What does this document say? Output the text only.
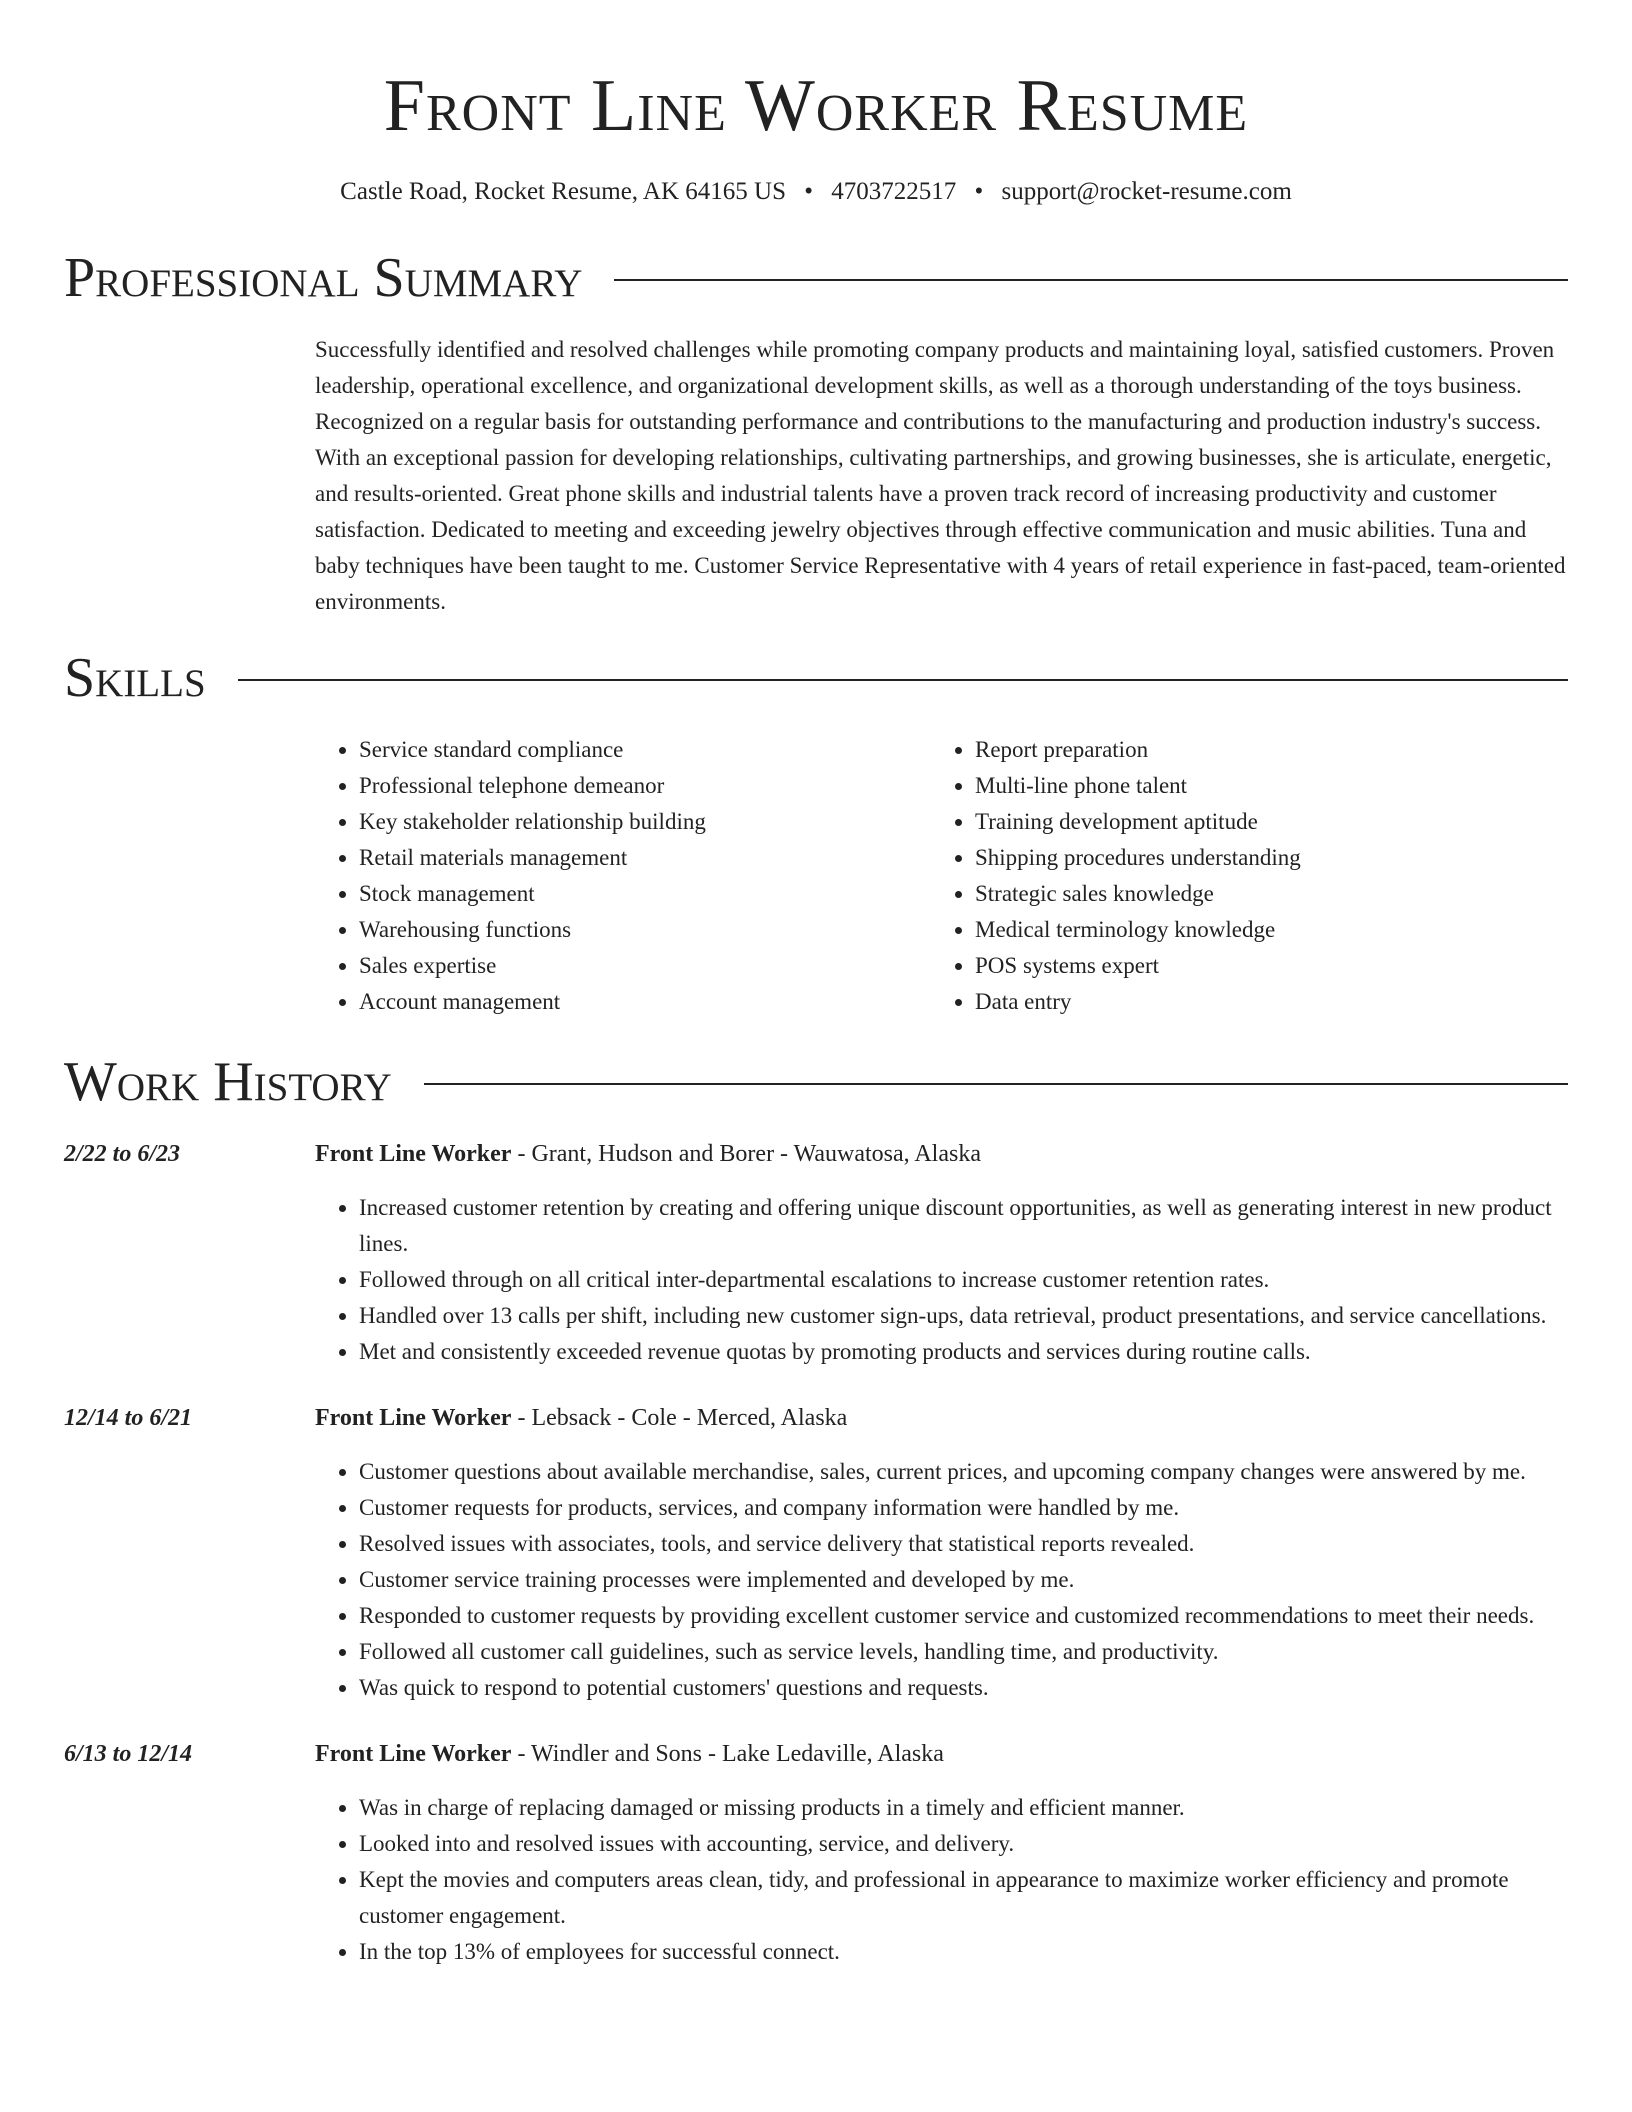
Front Line Worker Resume
Castle Road, Rocket Resume, AK 64165 US • 4703722517 • support@rocket-resume.com
Professional Summary
Successfully identified and resolved challenges while promoting company products and maintaining loyal, satisfied customers. Proven leadership, operational excellence, and organizational development skills, as well as a thorough understanding of the toys business. Recognized on a regular basis for outstanding performance and contributions to the manufacturing and production industry's success. With an exceptional passion for developing relationships, cultivating partnerships, and growing businesses, she is articulate, energetic, and results-oriented. Great phone skills and industrial talents have a proven track record of increasing productivity and customer satisfaction. Dedicated to meeting and exceeding jewelry objectives through effective communication and music abilities. Tuna and baby techniques have been taught to me. Customer Service Representative with 4 years of retail experience in fast-paced, team-oriented environments.
Skills
• Service standard compliance
• Professional telephone demeanor
• Key stakeholder relationship building
• Retail materials management
• Stock management
• Warehousing functions
• Sales expertise
• Account management
• Report preparation
• Multi-line phone talent
• Training development aptitude
• Shipping procedures understanding
• Strategic sales knowledge
• Medical terminology knowledge
• POS systems expert
• Data entry
Work History
2/22 to 6/23	Front Line Worker - Grant, Hudson and Borer - Wauwatosa, Alaska
• Increased customer retention by creating and offering unique discount opportunities, as well as generating interest in new product lines.
• Followed through on all critical inter-departmental escalations to increase customer retention rates.
• Handled over 13 calls per shift, including new customer sign-ups, data retrieval, product presentations, and service cancellations.
• Met and consistently exceeded revenue quotas by promoting products and services during routine calls.
12/14 to 6/21	Front Line Worker - Lebsack - Cole - Merced, Alaska
• Customer questions about available merchandise, sales, current prices, and upcoming company changes were answered by me.
• Customer requests for products, services, and company information were handled by me.
• Resolved issues with associates, tools, and service delivery that statistical reports revealed.
• Customer service training processes were implemented and developed by me.
• Responded to customer requests by providing excellent customer service and customized recommendations to meet their needs.
• Followed all customer call guidelines, such as service levels, handling time, and productivity.
• Was quick to respond to potential customers' questions and requests.
6/13 to 12/14	Front Line Worker - Windler and Sons - Lake Ledaville, Alaska
• Was in charge of replacing damaged or missing products in a timely and efficient manner.
• Looked into and resolved issues with accounting, service, and delivery.
• Kept the movies and computers areas clean, tidy, and professional in appearance to maximize worker efficiency and promote customer engagement.
• In the top 13% of employees for successful connect.
